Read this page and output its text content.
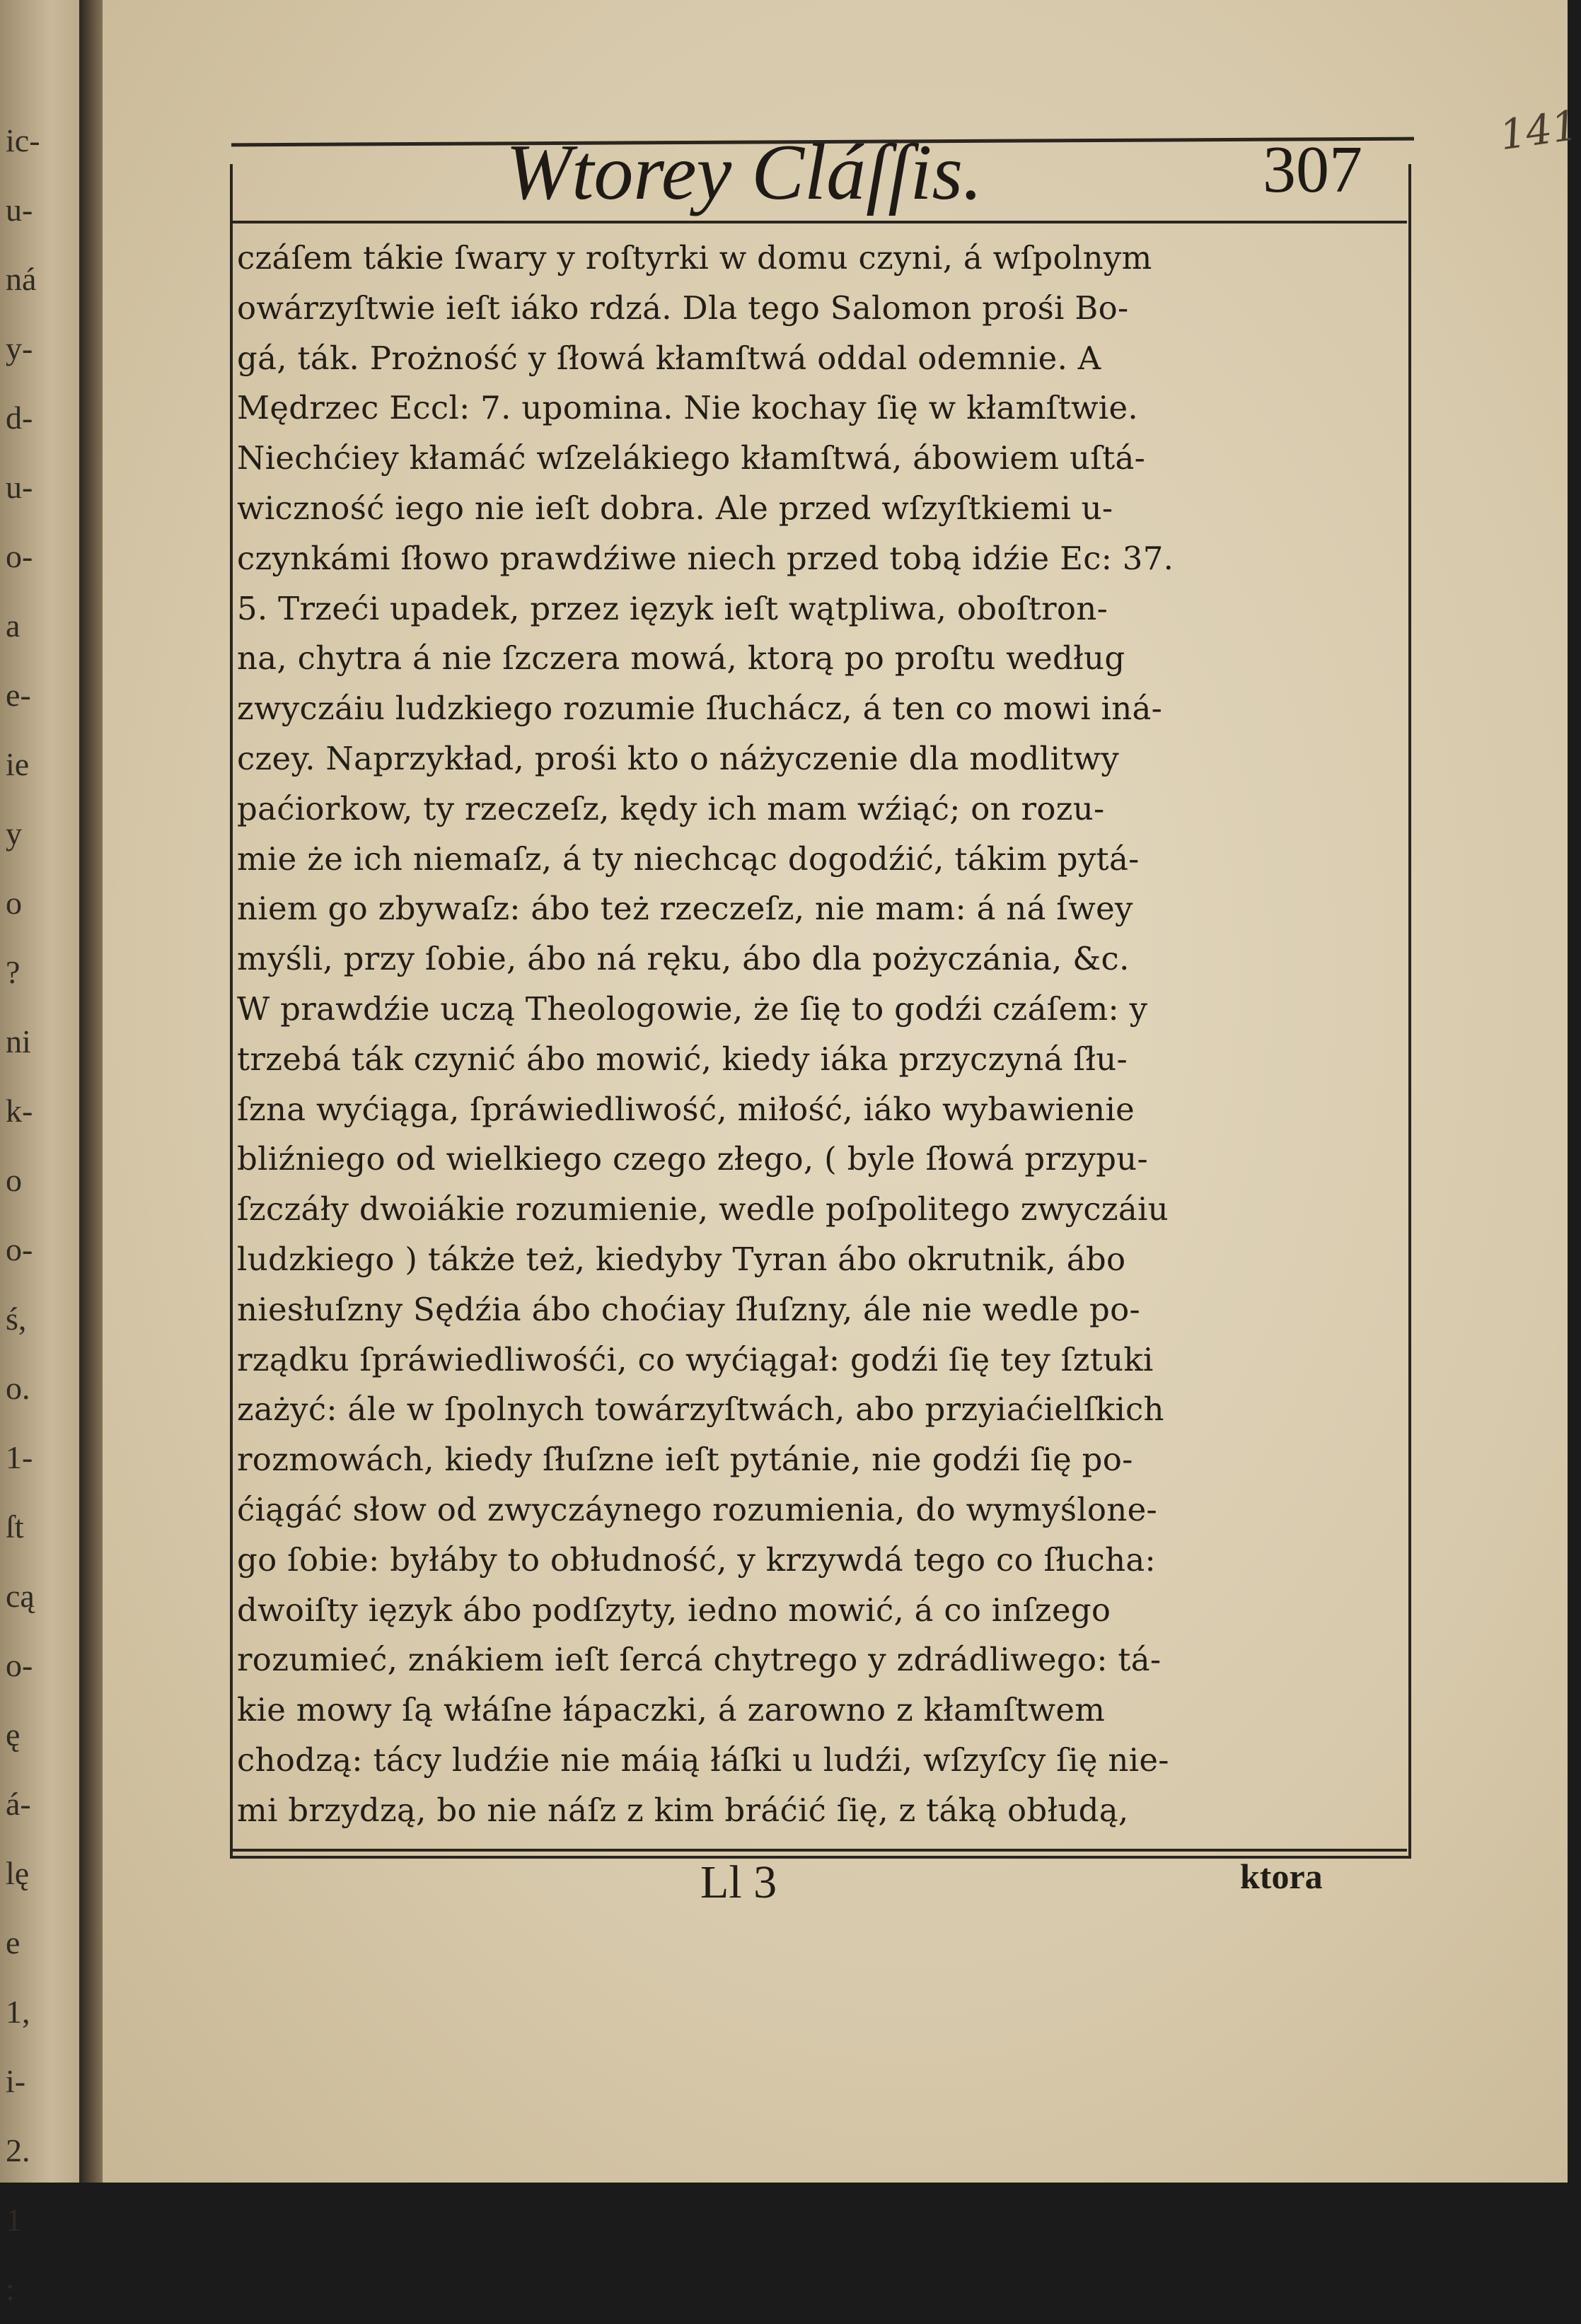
ic-
u-
ná
y-
d-
u-
o-
a
e-
ie
y
o
?
ni
k-
o
o-
ś,
o.
1-
ſt
cą
o-
ę
á-
lę
e
1,
i-
2.
1
:
141
Wtorey Cláſſis.	307
czáſem tákie ſwary y roſtyrki w domu czyni, á wſpolnym
owárzyſtwie ieſt iáko rdzá. Dla tego Salomon prośi Bo-
gá, ták. Prożność y ſłowá kłamſtwá oddal odemnie. A
Mędrzec Eccl: 7. upomina. Nie kochay ſię w kłamſtwie.
Niechćiey kłamáć wſzelákiego kłamſtwá, ábowiem uſtá-
wiczność iego nie ieſt dobra. Ale przed wſzyſtkiemi u-
czynkámi ſłowo prawdźiwe niech przed tobą idźie Ec: 37.
5. Trzeći upadek, przez ięzyk ieſt wątpliwa, oboſtron-
na, chytra á nie ſzczera mowá, ktorą po proſtu według
zwyczáiu ludzkiego rozumie ſłuchácz, á ten co mowi iná-
czey. Naprzykład, prośi kto o náżyczenie dla modlitwy
paćiorkow, ty rzeczeſz, kędy ich mam wźiąć; on rozu-
mie że ich niemaſz, á ty niechcąc dogodźić, tákim pytá-
niem go zbywaſz: ábo też rzeczeſz, nie mam: á ná ſwey
myśli, przy ſobie, ábo ná ręku, ábo dla pożyczánia, &c.
W prawdźie uczą Theologowie, że ſię to godźi czáſem: y
trzebá ták czynić ábo mowić, kiedy iáka przyczyná ſłu-
ſzna wyćiąga, ſpráwiedliwość, miłość, iáko wybawienie
bliźniego od wielkiego czego złego, ( byle ſłowá przypu-
ſzczáły dwoiákie rozumienie, wedle poſpolitego zwyczáiu
ludzkiego ) tákże też, kiedyby Tyran ábo okrutnik, ábo
niesłuſzny Sędźia ábo choćiay ſłuſzny, ále nie wedle po-
rządku ſpráwiedliwośći, co wyćiągał: godźi ſię tey ſztuki
zażyć: ále w ſpolnych towárzyſtwách, abo przyiaćielſkich
rozmowách, kiedy ſłuſzne ieſt pytánie, nie godźi ſię po-
ćiągáć słow od zwyczáynego rozumienia, do wymyślone-
go ſobie: byłáby to obłudność, y krzywdá tego co ſłucha:
dwoiſty ięzyk ábo podſzyty, iedno mowić, á co inſzego
rozumieć, znákiem ieſt ſercá chytrego y zdrádliwego: tá-
kie mowy ſą włáſne łápaczki, á zarowno z kłamſtwem
chodzą: tácy ludźie nie máią łáſki u ludźi, wſzyſcy ſię nie-
mi brzydzą, bo nie náſz z kim bráćić ſię, z táką obłudą,
Ll 3	ktora
